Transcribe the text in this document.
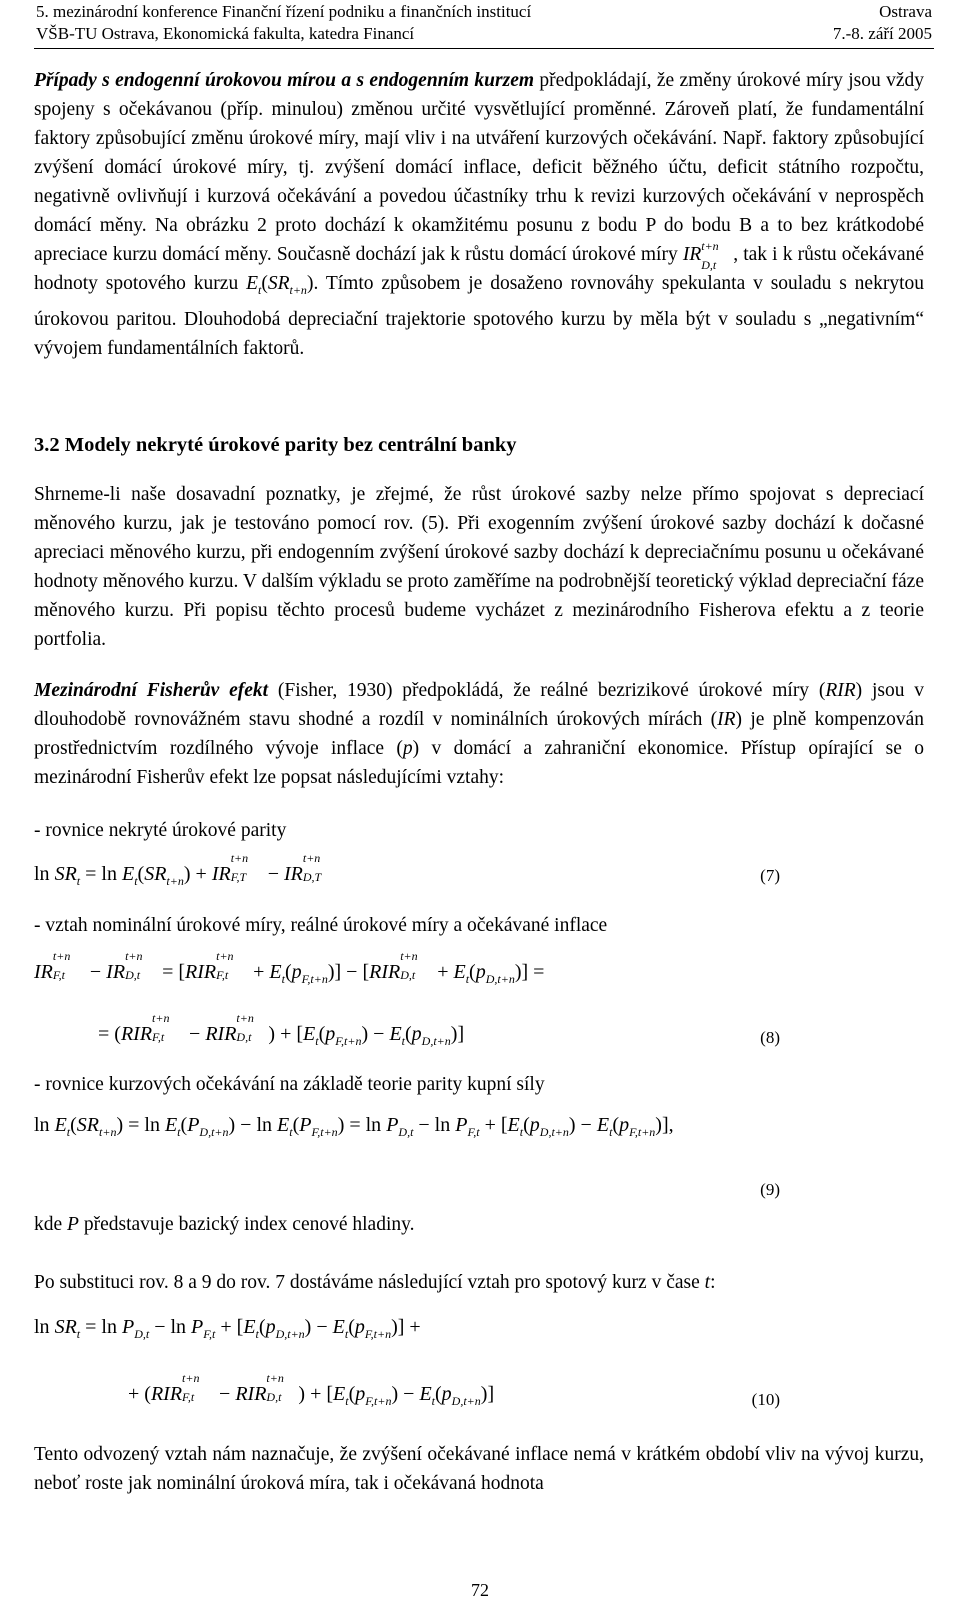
5. mezinárodní konference Finanční řízení podniku a finančních institucí	Ostrava
VŠB-TU Ostrava, Ekonomická fakulta, katedra Financí	7.-8. září 2005
Případy s endogenní úrokovou mírou a s endogenním kurzem předpokládají, že změny úrokové míry jsou vždy spojeny s očekávanou (příp. minulou) změnou určité vysvětlující proměnné. Zároveň platí, že fundamentální faktory způsobující změnu úrokové míry, mají vliv i na utváření kurzových očekávání. Např. faktory způsobující zvýšení domácí úrokové míry, tj. zvýšení domácí inflace, deficit běžného účtu, deficit státního rozpočtu, negativně ovlivňují i kurzová očekávání a povedou účastníky trhu k revizi kurzových očekávání v neprospěch domácí měny. Na obrázku 2 proto dochází k okamžitému posunu z bodu P do bodu B a to bez krátkodobé apreciace kurzu domácí měny. Současně dochází jak k růstu domácí úrokové míry IR t+n
D,t , tak i k růstu očekávané hodnoty spotového kurzu $E_t(SR_{t+n})$. Tímto způsobem je dosaženo rovnováhy spekulanta v souladu s nekrytou úrokovou paritou. Dlouhodobá depreciační trajektorie spotového kurzu by měla být v souladu s „negativním“ vývojem fundamentálních faktorů.
3.2 Modely nekryté úrokové parity bez centrální banky
Shrneme-li naše dosavadní poznatky, je zřejmé, že růst úrokové sazby nelze přímo spojovat s depreciací měnového kurzu, jak je testováno pomocí rov. (5). Při exogenním zvýšení úrokové sazby dochází k dočasné apreciaci měnového kurzu, při endogenním zvýšení úrokové sazby dochází k depreciačnímu posunu u očekávané hodnoty měnového kurzu. V dalším výkladu se proto zaměříme na podrobnější teoretický výklad depreciační fáze měnového kurzu. Při popisu těchto procesů budeme vycházet z mezinárodního Fisherova efektu a z teorie portfolia.
Mezinárodní Fisherův efekt (Fisher, 1930) předpokládá, že reálné bezrizikové úrokové míry (RIR) jsou v dlouhodobě rovnovážném stavu shodné a rozdíl v nominálních úrokových mírách (IR) je plně kompenzován prostřednictvím rozdílného vývoje inflace (p) v domácí a zahraniční ekonomice. Přístup opírající se o mezinárodní Fisherův efekt lze popsat následujícími vztahy:
- rovnice nekryté úrokové parity
$\ln SR_t = \ln E_t(SR_{t+n})$ + IR
t+n
F,T − IR
t+n
D,T	(7)
- vztah nominální úrokové míry, reálné úrokové míry a očekávané inflace
IR
t+n
F,t − IR
t+n
D,t = [RIR
t+n
$F,t + E_t(p_{F,t+n})] - [RIR$
t+n
$D,t + E_t(p_{D,t+n})$] =
= (RIR
t+n
F,t − RIR
t+n
D,t ) + $[E_t(p_{F,t+n}) - E_t(p_{D,t+n})]$	(8)
- rovnice kurzových očekávání na základě teorie parity kupní síly
$\ln E_t(SR_{t+n}) = \ln E_t(P_{D,t+n}) - \ln E_t(P_{F,t+n}) = \ln P_{D,t} - \ln P_{F,t} + [E_t(p_{D,t+n}) - E_t(p_{F,t+n})]$,
(9)
kde P představuje bazický index cenové hladiny.
Po substituci rov. 8 a 9 do rov. 7 dostáváme následující vztah pro spotový kurz v čase t:
$\ln SR_t = \ln P_{D,t} - \ln P_{F,t} + [E_t(p_{D,t+n}) - E_t(p_{F,t+n})]$ +
+ (RIR
t+n
F,t − RIR
t+n
D,t ) + $[E_t(p_{F,t+n}) - E_t(p_{D,t+n})]$	(10)
Tento odvozený vztah nám naznačuje, že zvýšení očekávané inflace nemá v krátkém období vliv na vývoj kurzu, neboť roste jak nominální úroková míra, tak i očekávaná hodnota
72
